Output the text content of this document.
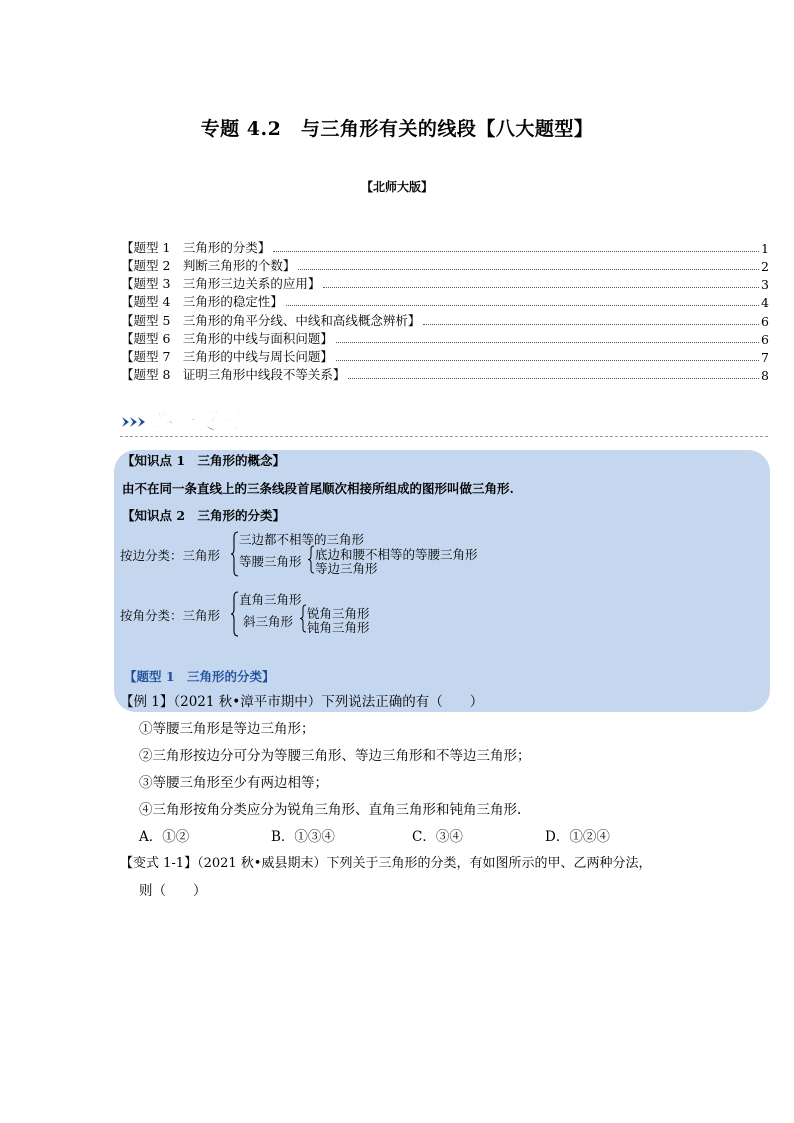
专题 4.2　与三角形有关的线段【八大题型】
【北师大版】
【题型 1　三角形的分类】	1
【题型 2　判断三角形的个数】	2
【题型 3　三角形三边关系的应用】	3
【题型 4　三角形的稳定性】	4
【题型 5　三角形的角平分线、中线和高线概念辨析】	6
【题型 6　三角形的中线与面积问题】	6
【题型 7　三角形的中线与周长问题】	7
【题型 8　证明三角形中线段不等关系】	8
举一反三
【知识点 1　三角形的概念】
由不在同一条直线上的三条线段首尾顺次相接所组成的图形叫做三角形.
【知识点 2　三角形的分类】
按边分类：三角形
三边都不相等的三角形
等腰三角形 底边和腰不相等的等腰三角形
等边三角形
按角分类：三角形
直角三角形
斜三角形
锐角三角形
钝角三角形
【题型 1　三角形的分类】
【例 1】（2021 秋•漳平市期中）下列说法正确的有（　　）
①等腰三角形是等边三角形；
②三角形按边分可分为等腰三角形、等边三角形和不等边三角形；
③等腰三角形至少有两边相等；
④三角形按角分类应分为锐角三角形、直角三角形和钝角三角形.
A．①②	B．①③④	C．③④	D．①②④
【变式 1-1】（2021 秋•威县期末）下列关于三角形的分类，有如图所示的甲、乙两种分法，
则（　　）
